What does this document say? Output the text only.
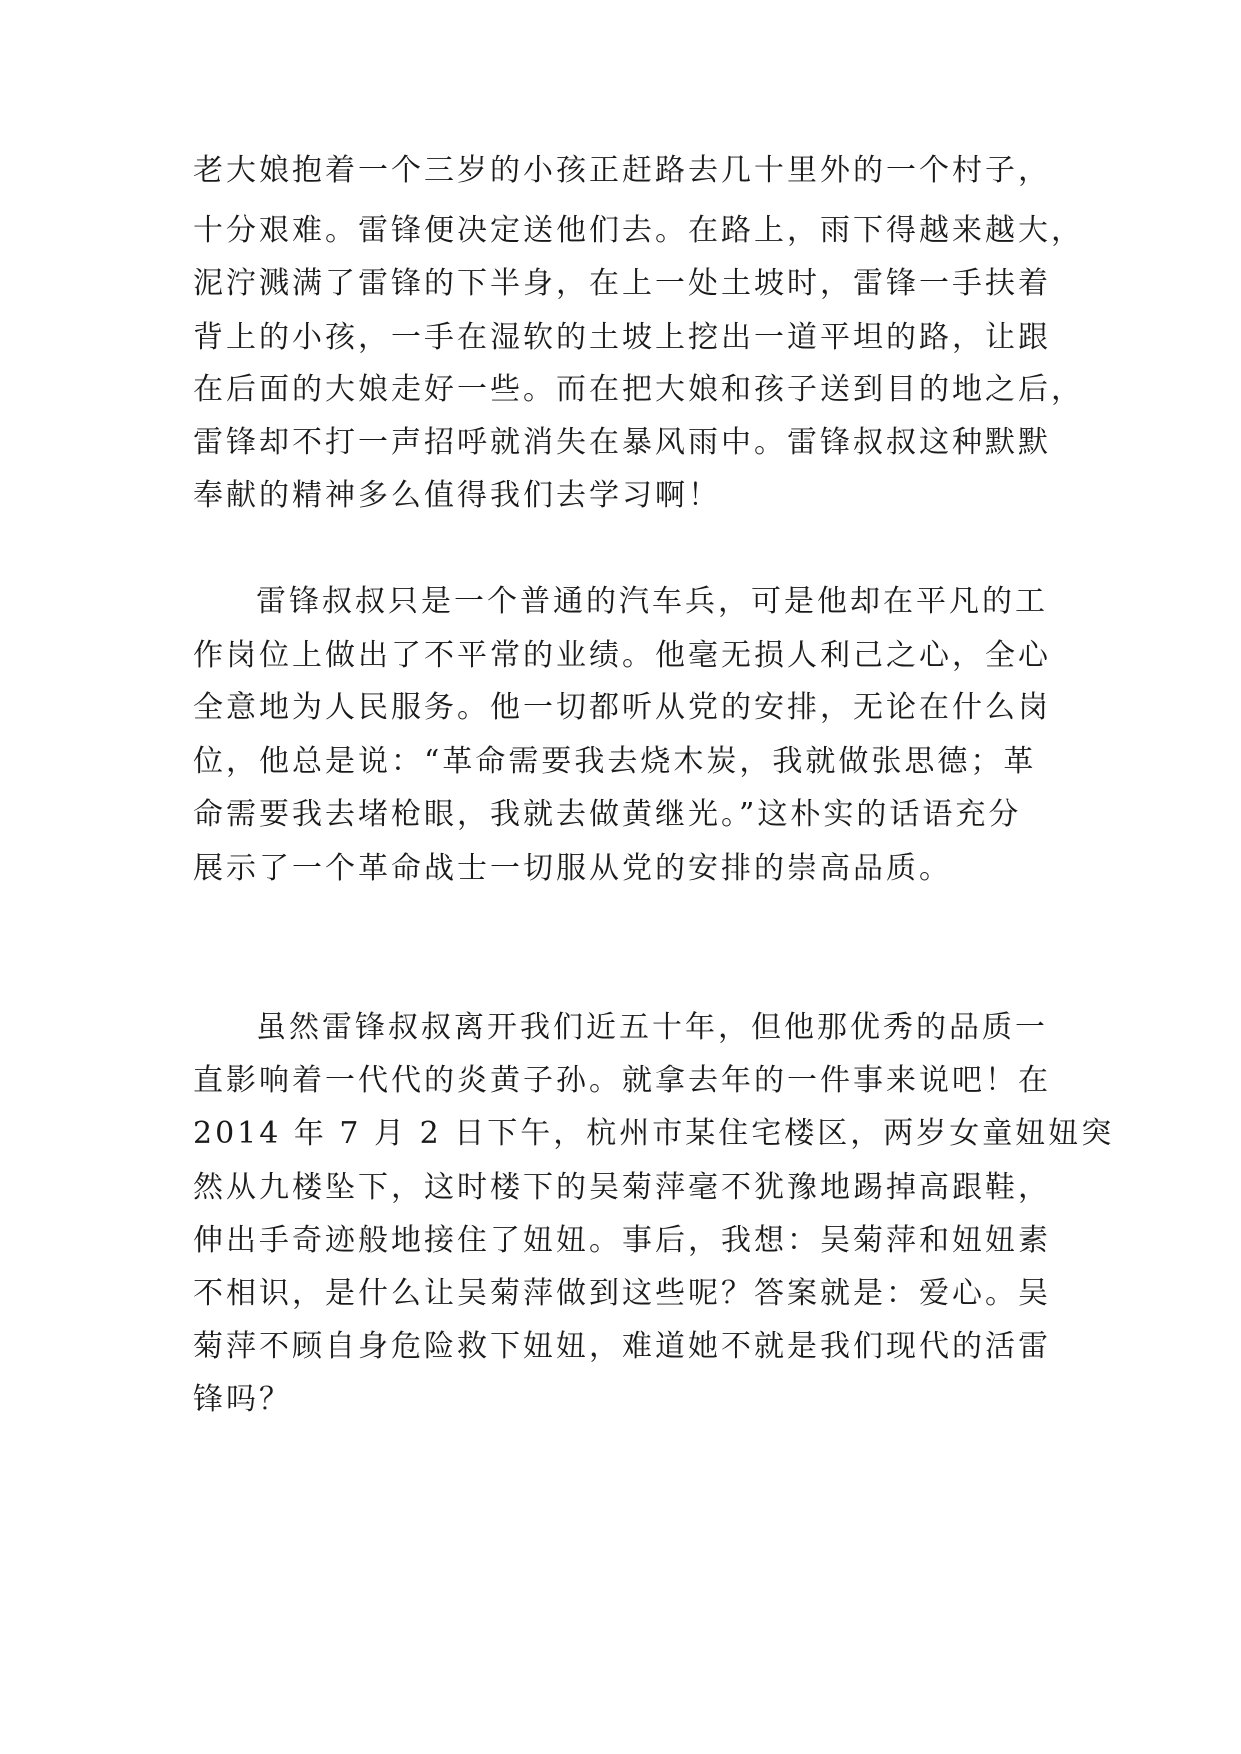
老大娘抱着一个三岁的小孩正赶路去几十里外的一个村子，
十分艰难。雷锋便决定送他们去。在路上，雨下得越来越大，
泥泞溅满了雷锋的下半身，在上一处土坡时，雷锋一手扶着
背上的小孩，一手在湿软的土坡上挖出一道平坦的路，让跟
在后面的大娘走好一些。而在把大娘和孩子送到目的地之后，
雷锋却不打一声招呼就消失在暴风雨中。雷锋叔叔这种默默
奉献的精神多么值得我们去学习啊！
雷锋叔叔只是一个普通的汽车兵，可是他却在平凡的工
作岗位上做出了不平常的业绩。他毫无损人利己之心，全心
全意地为人民服务。他一切都听从党的安排，无论在什么岗
位，他总是说：“革命需要我去烧木炭，我就做张思德；革
命需要我去堵枪眼，我就去做黄继光。”这朴实的话语充分
展示了一个革命战士一切服从党的安排的崇高品质。
虽然雷锋叔叔离开我们近五十年，但他那优秀的品质一
直影响着一代代的炎黄子孙。就拿去年的一件事来说吧！在
2014 年 7 月 2 日下午，杭州市某住宅楼区，两岁女童妞妞突
然从九楼坠下，这时楼下的吴菊萍毫不犹豫地踢掉高跟鞋，
伸出手奇迹般地接住了妞妞。事后，我想：吴菊萍和妞妞素
不相识，是什么让吴菊萍做到这些呢？答案就是：爱心。吴
菊萍不顾自身危险救下妞妞，难道她不就是我们现代的活雷
锋吗？
